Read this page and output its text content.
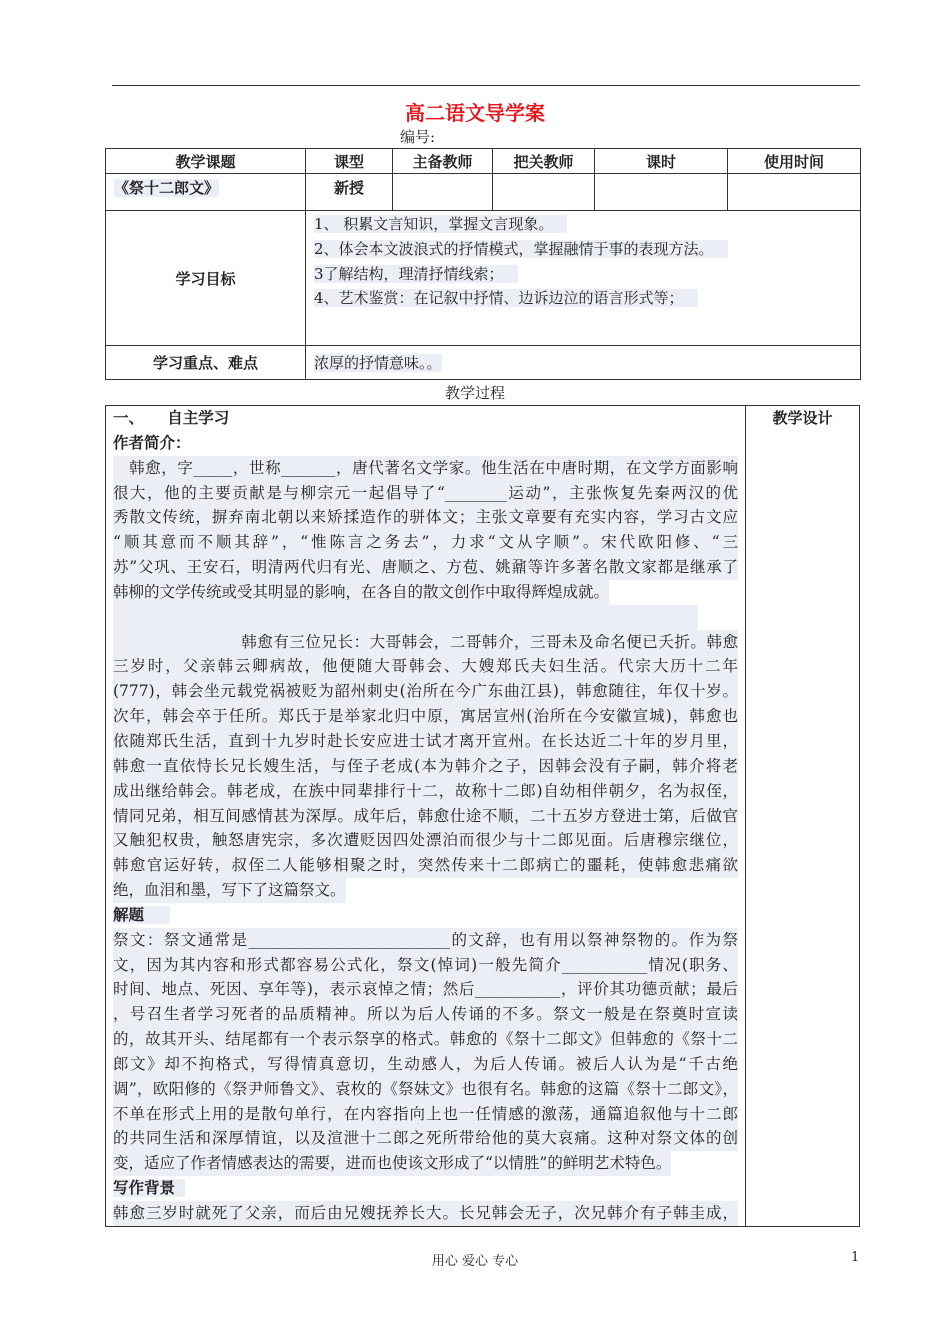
高二语文导学案
编号:
教学课题	课型	主备教师	把关教师	课时	使用时间
《祭十二郎文》	新授				
学习目标	1、 积累文言知识，掌握文言现象。
2、体会本文波浪式的抒情模式，掌握融情于事的表现方法。
3了解结构，理清抒情线索；
4、艺术鉴赏：在记叙中抒情、边诉边泣的语言形式等；				

学习重点、难点	浓厚的抒情意味。。				
教学过程
教学设计
一、　　自主学习
作者简介：
　韩愈，字_____，世称_______，唐代著名文学家。他生活在中唐时期，在文学方面影响
很大，他的主要贡献是与柳宗元一起倡导了“________运动”，主张恢复先秦两汉的优
秀散文传统，摒弃南北朝以来矫揉造作的骈体文；主张文章要有充实内容，学习古文应
“顺其意而不顺其辞”，“惟陈言之务去”，力求“文从字顺”。宋代欧阳修、“三
苏”父巩、王安石，明清两代归有光、唐顺之、方苞、姚鼐等许多著名散文家都是继承了
韩柳的文学传统或受其明显的影响，在各自的散文创作中取得辉煌成就。
　　　　　　　　韩愈有三位兄长：大哥韩会，二哥韩介，三哥未及命名便已夭折。韩愈
三岁时，父亲韩云卿病故，他便随大哥韩会、大嫂郑氏夫妇生活。代宗大历十二年
(777)，韩会坐元载党祸被贬为韶州刺史(治所在今广东曲江县)，韩愈随往，年仅十岁。
次年，韩会卒于任所。郑氏于是举家北归中原，寓居宣州(治所在今安徽宣城)，韩愈也
依随郑氏生活，直到十九岁时赴长安应进士试才离开宣州。在长达近二十年的岁月里，
韩愈一直依恃长兄长嫂生活，与侄子老成(本为韩介之子，因韩会没有子嗣，韩介将老
成出继给韩会。韩老成，在族中同辈排行十二，故称十二郎)自幼相伴朝夕，名为叔侄，
情同兄弟，相互间感情甚为深厚。成年后，韩愈仕途不顺，二十五岁方登进士第，后做官
又触犯权贵，触怒唐宪宗，多次遭贬因四处漂泊而很少与十二郎见面。后唐穆宗继位，
韩愈官运好转，叔侄二人能够相聚之时，突然传来十二郎病亡的噩耗，使韩愈悲痛欲
绝，血泪和墨，写下了这篇祭文。
解题
祭文：祭文通常是__________________________的文辞，也有用以祭神祭物的。作为祭
文，因为其内容和形式都容易公式化，祭文(悼词)一般先简介___________情况(职务、
时间、地点、死因、享年等)，表示哀悼之情；然后___________，评价其功德贡献；最后
，号召生者学习死者的品质精神。所以为后人传诵的不多。祭文一般是在祭奠时宣读
的，故其开头、结尾都有一个表示祭享的格式。韩愈的《祭十二郎文》但韩愈的《祭十二
郎文》却不拘格式，写得情真意切，生动感人，为后人传诵。被后人认为是“千古绝
调”，欧阳修的《祭尹师鲁文》、袁枚的《祭妹文》也很有名。韩愈的这篇《祭十二郎文》，
不单在形式上用的是散句单行，在内容指向上也一任情感的激荡，通篇追叙他与十二郎
的共同生活和深厚情谊，以及渲泄十二郎之死所带给他的莫大哀痛。这种对祭文体的创
变，适应了作者情感表达的需要，进而也使该文形成了“以情胜”的鲜明艺术特色。
写作背景
韩愈三岁时就死了父亲，而后由兄嫂抚养长大。长兄韩会无子，次兄韩介有子韩圭成，
用心 爱心 专心	1
